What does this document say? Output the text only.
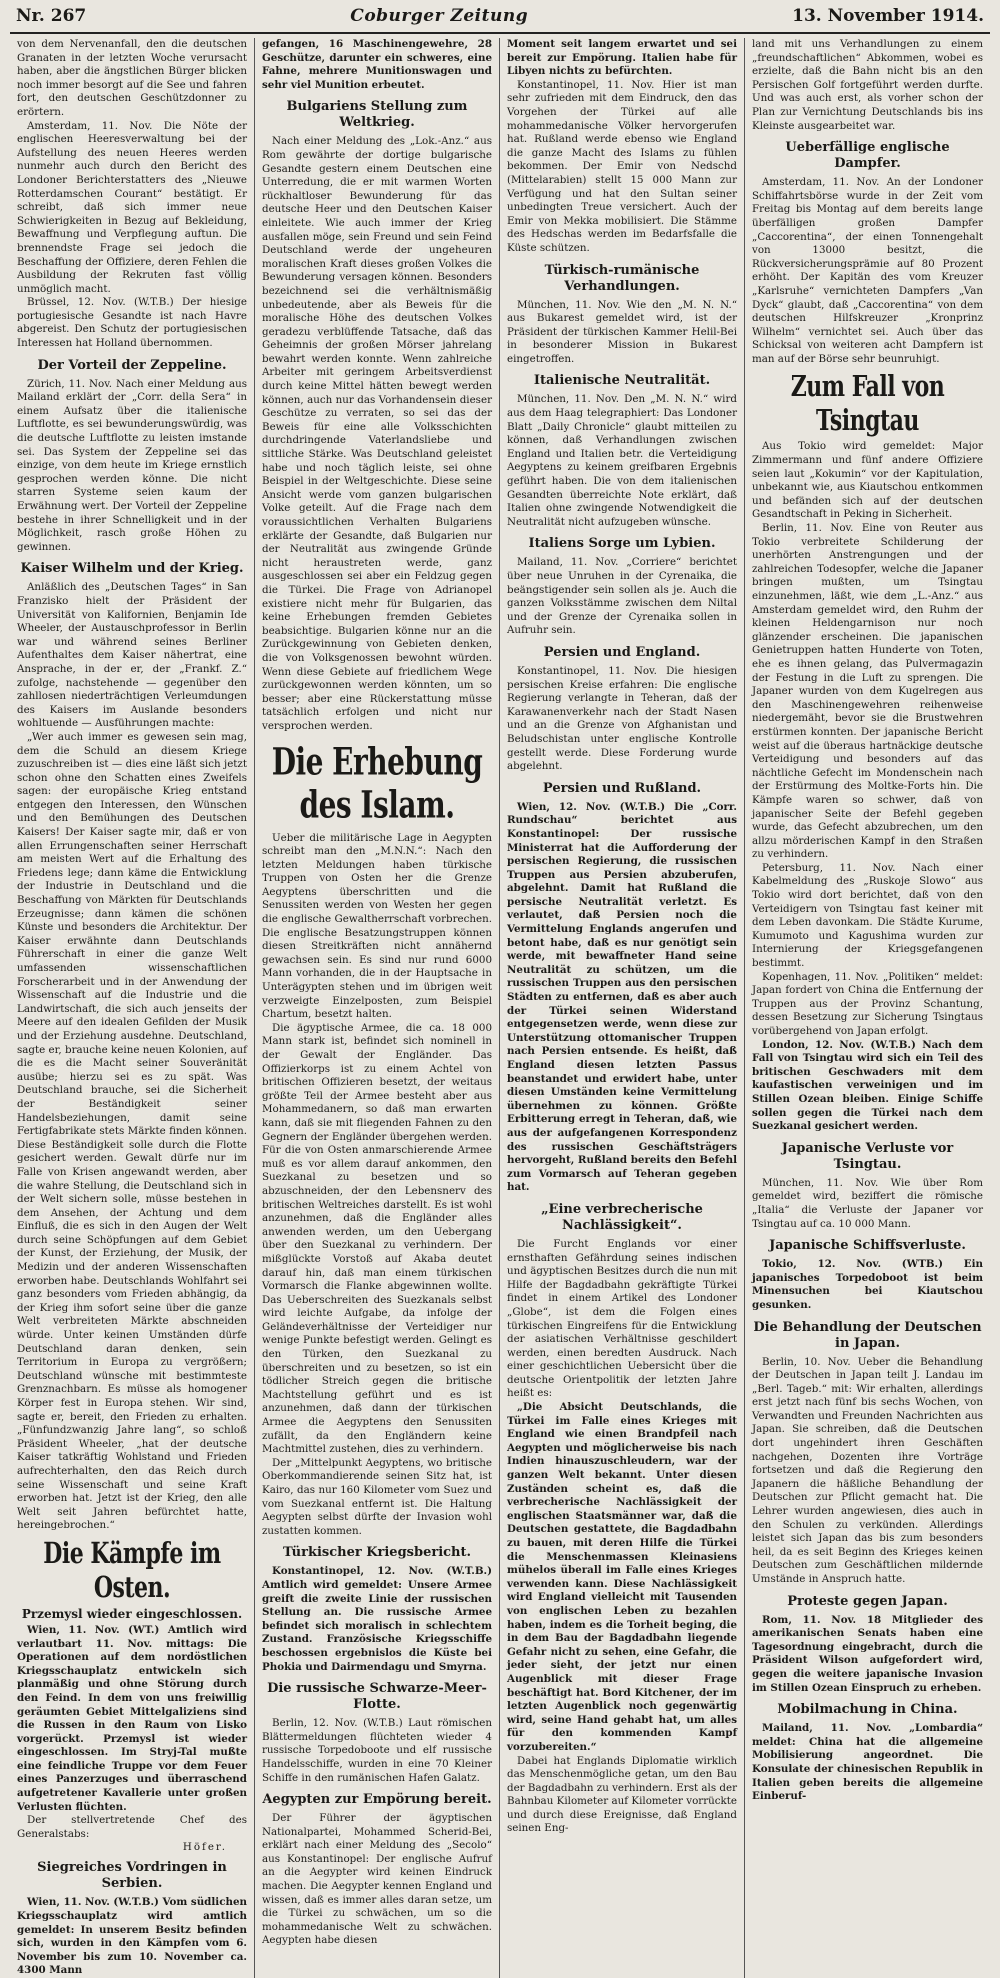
Nr. 267	Coburger Zeitung	13. November 1914.

von dem Nervenanfall, den die deutschen Granaten in der letzten Woche verursacht haben, aber die ängstlichen Bürger blicken noch immer besorgt auf die See und fahren fort, den deutschen Geschützdonner zu erörtern.

Amsterdam, 11. Nov. Die Nöte der englischen Heeresverwaltung bei der Aufstellung des neuen Heeres werden nunmehr auch durch den Bericht des Londoner Berichterstatters des „Nieuwe Rotterdamschen Courant“ bestätigt. Er schreibt, daß sich immer neue Schwierigkeiten in Bezug auf Bekleidung, Bewaffnung und Verpflegung auftun. Die brennendste Frage sei jedoch die Beschaffung der Offiziere, deren Fehlen die Ausbildung der Rekruten fast völlig unmöglich macht.

Brüssel, 12. Nov. (W.T.B.) Der hiesige portugiesische Gesandte ist nach Havre abgereist. Den Schutz der portugiesischen Interessen hat Holland übernommen.

Der Vorteil der Zeppeline.

Zürich, 11. Nov. Nach einer Meldung aus Mailand erklärt der „Corr. della Sera“ in einem Aufsatz über die italienische Luftflotte, es sei bewunderungswürdig, was die deutsche Luftflotte zu leisten imstande sei. Das System der Zeppeline sei das einzige, von dem heute im Kriege ernstlich gesprochen werden könne. Die nicht starren Systeme seien kaum der Erwähnung wert. Der Vorteil der Zeppeline bestehe in ihrer Schnelligkeit und in der Möglichkeit, rasch große Höhen zu gewinnen.

Kaiser Wilhelm und der Krieg.

Anläßlich des „Deutschen Tages“ in San Franzisko hielt der Präsident der Universität von Kalifornien, Benjamin Ide Wheeler, der Austauschprofessor in Berlin war und während seines Berliner Aufenthaltes dem Kaiser nähertrat, eine Ansprache, in der er, der „Frankf. Z.“ zufolge, nachstehende — gegenüber den zahllosen niederträchtigen Verleumdungen des Kaisers im Auslande besonders wohltuende — Ausführungen machte:

„Wer auch immer es gewesen sein mag, dem die Schuld an diesem Kriege zuzuschreiben ist — dies eine läßt sich jetzt schon ohne den Schatten eines Zweifels sagen: der europäische Krieg entstand entgegen den Interessen, den Wünschen und den Bemühungen des Deutschen Kaisers! Der Kaiser sagte mir, daß er von allen Errungenschaften seiner Herrschaft am meisten Wert auf die Erhaltung des Friedens lege; dann käme die Entwicklung der Industrie in Deutschland und die Beschaffung von Märkten für Deutschlands Erzeugnisse; dann kämen die schönen Künste und besonders die Architektur. Der Kaiser erwähnte dann Deutschlands Führerschaft in einer die ganze Welt umfassenden wissenschaftlichen Forscherarbeit und in der Anwendung der Wissenschaft auf die Industrie und die Landwirtschaft, die sich auch jenseits der Meere auf den idealen Gefilden der Musik und der Erziehung ausdehne. Deutschland, sagte er, brauche keine neuen Kolonien, auf die es die Macht seiner Souveränität ausübe; hierzu sei es zu spät. Was Deutschland brauche, sei die Sicherheit der Beständigkeit seiner Handelsbeziehungen, damit seine Fertigfabrikate stets Märkte finden können. Diese Beständigkeit solle durch die Flotte gesichert werden. Gewalt dürfe nur im Falle von Krisen angewandt werden, aber die wahre Stellung, die Deutschland sich in der Welt sichern solle, müsse bestehen in dem Ansehen, der Achtung und dem Einfluß, die es sich in den Augen der Welt durch seine Schöpfungen auf dem Gebiet der Kunst, der Erziehung, der Musik, der Medizin und der anderen Wissenschaften erworben habe. Deutschlands Wohlfahrt sei ganz besonders vom Frieden abhängig, da der Krieg ihm sofort seine über die ganze Welt verbreiteten Märkte abschneiden würde. Unter keinen Umständen dürfe Deutschland daran denken, sein Territorium in Europa zu vergrößern; Deutschland wünsche mit bestimmteste Grenznachbarn. Es müsse als homogener Körper fest in Europa stehen. Wir sind, sagte er, bereit, den Frieden zu erhalten. „Fünfundzwanzig Jahre lang“, so schloß Präsident Wheeler, „hat der deutsche Kaiser tatkräftig Wohlstand und Frieden aufrechterhalten, den das Reich durch seine Wissenschaft und seine Kraft erworben hat. Jetzt ist der Krieg, den alle Welt seit Jahren befürchtet hatte, hereingebrochen.“

Die Kämpfe im Osten.
Przemysl wieder eingeschlossen.

Wien, 11. Nov. (WT.) Amtlich wird verlautbart 11. Nov. mittags: Die Operationen auf dem nordöstlichen Kriegsschauplatz entwickeln sich planmäßig und ohne Störung durch den Feind. In dem von uns freiwillig geräumten Gebiet Mittelgaliziens sind die Russen in den Raum von Lisko vorgerückt. Przemysl ist wieder eingeschlossen. Im Stryj-Tal mußte eine feindliche Truppe vor dem Feuer eines Panzerzuges und überraschend aufgetretener Kavallerie unter großen Verlusten flüchten.

Der stellvertretende Chef des Generalstabs:

Höfer.
Siegreiches Vordringen in Serbien.

Wien, 11. Nov. (W.T.B.) Vom südlichen Kriegsschauplatz wird amtlich gemeldet: In unserem Besitz befinden sich, wurden in den Kämpfen vom 6. November bis zum 10. November ca. 4300 Mann

gefangen, 16 Maschinengewehre, 28 Geschütze, darunter ein schweres, eine Fahne, mehrere Munitionswagen und sehr viel Munition erbeutet.

Bulgariens Stellung zum Weltkrieg.

Nach einer Meldung des „Lok.-Anz.“ aus Rom gewährte der dortige bulgarische Gesandte gestern einem Deutschen eine Unterredung, die er mit warmen Worten rückhaltloser Bewunderung für das deutsche Heer und den Deutschen Kaiser einleitete. Wie auch immer der Krieg ausfallen möge, sein Freund und sein Feind Deutschland werde der ungeheuren moralischen Kraft dieses großen Volkes die Bewunderung versagen können. Besonders bezeichnend sei die verhältnismäßig unbedeutende, aber als Beweis für die moralische Höhe des deutschen Volkes geradezu verblüffende Tatsache, daß das Geheimnis der großen Mörser jahrelang bewahrt werden konnte. Wenn zahlreiche Arbeiter mit geringem Arbeitsverdienst durch keine Mittel hätten bewegt werden können, auch nur das Vorhandensein dieser Geschütze zu verraten, so sei das der Beweis für eine alle Volksschichten durchdringende Vaterlandsliebe und sittliche Stärke. Was Deutschland geleistet habe und noch täglich leiste, sei ohne Beispiel in der Weltgeschichte. Diese seine Ansicht werde vom ganzen bulgarischen Volke geteilt. Auf die Frage nach dem voraussichtlichen Verhalten Bulgariens erklärte der Gesandte, daß Bulgarien nur der Neutralität aus zwingende Gründe nicht heraustreten werde, ganz ausgeschlossen sei aber ein Feldzug gegen die Türkei. Die Frage von Adrianopel existiere nicht mehr für Bulgarien, das keine Erhebungen fremden Gebietes beabsichtige. Bulgarien könne nur an die Zurückgewinnung von Gebieten denken, die von Volksgenossen bewohnt würden. Wenn diese Gebiete auf friedlichem Wege zurückgewonnen werden könnten, um so besser; aber eine Rückerstattung müsse tatsächlich erfolgen und nicht nur versprochen werden.

Die Erhebung des Islam.

Ueber die militärische Lage in Aegypten schreibt man den „M.N.N.“: Nach den letzten Meldungen haben türkische Truppen von Osten her die Grenze Aegyptens überschritten und die Senussiten werden von Westen her gegen die englische Gewaltherrschaft vorbrechen. Die englische Besatzungstruppen können diesen Streitkräften nicht annähernd gewachsen sein. Es sind nur rund 6000 Mann vorhanden, die in der Hauptsache in Unterägypten stehen und im übrigen weit verzweigte Einzelposten, zum Beispiel Chartum, besetzt halten.

Die ägyptische Armee, die ca. 18 000 Mann stark ist, befindet sich nominell in der Gewalt der Engländer. Das Offizierkorps ist zu einem Achtel von britischen Offizieren besetzt, der weitaus größte Teil der Armee besteht aber aus Mohammedanern, so daß man erwarten kann, daß sie mit fliegenden Fahnen zu den Gegnern der Engländer übergehen werden. Für die von Osten anmarschierende Armee muß es vor allem darauf ankommen, den Suezkanal zu besetzen und so abzuschneiden, der den Lebensnerv des britischen Weltreiches darstellt. Es ist wohl anzunehmen, daß die Engländer alles anwenden werden, um den Uebergang über den Suezkanal zu verhindern. Der mißglückte Vorstoß auf Akaba deutet darauf hin, daß man einem türkischen Vormarsch die Flanke abgewinnen wollte. Das Ueberschreiten des Suezkanals selbst wird leichte Aufgabe, da infolge der Geländeverhältnisse der Verteidiger nur wenige Punkte befestigt werden. Gelingt es den Türken, den Suezkanal zu überschreiten und zu besetzen, so ist ein tödlicher Streich gegen die britische Machtstellung geführt und es ist anzunehmen, daß dann der türkischen Armee die Aegyptens den Senussiten zufällt, da den Engländern keine Machtmittel zustehen, dies zu verhindern.

Der „Mittelpunkt Aegyptens, wo britische Oberkommandierende seinen Sitz hat, ist Kairo, das nur 160 Kilometer vom Suez und vom Suezkanal entfernt ist. Die Haltung Aegypten selbst dürfte der Invasion wohl zustatten kommen.

Türkischer Kriegsbericht.

Konstantinopel, 12. Nov. (W.T.B.) Amtlich wird gemeldet: Unsere Armee greift die zweite Linie der russischen Stellung an. Die russische Armee befindet sich moralisch in schlechtem Zustand. Französische Kriegsschiffe beschossen ergebnislos die Küste bei Phokia und Dairmendagu und Smyrna.

Die russische Schwarze-Meer-Flotte.

Berlin, 12. Nov. (W.T.B.) Laut römischen Blättermeldungen flüchteten wieder 4 russische Torpedoboote und elf russische Handelsschiffe, wurden in eine 70 Kleiner Schiffe in den rumänischen Hafen Galatz.

Aegypten zur Empörung bereit.

Der Führer der ägyptischen Nationalpartei, Mohammed Scherid-Bei, erklärt nach einer Meldung des „Secolo“ aus Konstantinopel: Der englische Aufruf an die Aegypter wird keinen Eindruck machen. Die Aegypter kennen England und wissen, daß es immer alles daran setze, um die Türkei zu schwächen, um so die mohammedanische Welt zu schwächen. Aegypten habe diesen

Moment seit langem erwartet und sei bereit zur Empörung. Italien habe für Libyen nichts zu befürchten.

Konstantinopel, 11. Nov. Hier ist man sehr zufrieden mit dem Eindruck, den das Vorgehen der Türkei auf alle mohammedanische Völker hervorgerufen hat. Rußland werde ebenso wie England die ganze Macht des Islams zu fühlen bekommen. Der Emir von Nedschd (Mittelarabien) stellt 15 000 Mann zur Verfügung und hat den Sultan seiner unbedingten Treue versichert. Auch der Emir von Mekka mobilisiert. Die Stämme des Hedschas werden im Bedarfsfalle die Küste schützen.

Türkisch-rumänische Verhandlungen.

München, 11. Nov. Wie den „M. N. N.“ aus Bukarest gemeldet wird, ist der Präsident der türkischen Kammer Helil-Bei in besonderer Mission in Bukarest eingetroffen.

Italienische Neutralität.

München, 11. Nov. Den „M. N. N.“ wird aus dem Haag telegraphiert: Das Londoner Blatt „Daily Chronicle“ glaubt mitteilen zu können, daß Verhandlungen zwischen England und Italien betr. die Verteidigung Aegyptens zu keinem greifbaren Ergebnis geführt haben. Die von dem italienischen Gesandten überreichte Note erklärt, daß Italien ohne zwingende Notwendigkeit die Neutralität nicht aufzugeben wünsche.

Italiens Sorge um Lybien.

Mailand, 11. Nov. „Corriere“ berichtet über neue Unruhen in der Cyrenaika, die beängstigender sein sollen als je. Auch die ganzen Volksstämme zwischen dem Niltal und der Grenze der Cyrenaika sollen in Aufruhr sein.

Persien und England.

Konstantinopel, 11. Nov. Die hiesigen persischen Kreise erfahren: Die englische Regierung verlangte in Teheran, daß der Karawanenverkehr nach der Stadt Nasen und an die Grenze von Afghanistan und Beludschistan unter englische Kontrolle gestellt werde. Diese Forderung wurde abgelehnt.

Persien und Rußland.

Wien, 12. Nov. (W.T.B.) Die „Corr. Rundschau“ berichtet aus Konstantinopel: Der russische Ministerrat hat die Aufforderung der persischen Regierung, die russischen Truppen aus Persien abzuberufen, abgelehnt. Damit hat Rußland die persische Neutralität verletzt. Es verlautet, daß Persien noch die Vermittelung Englands angerufen und betont habe, daß es nur genötigt sein werde, mit bewaffneter Hand seine Neutralität zu schützen, um die russischen Truppen aus den persischen Städten zu entfernen, daß es aber auch der Türkei seinen Widerstand entgegensetzen werde, wenn diese zur Unterstützung ottomanischer Truppen nach Persien entsende. Es heißt, daß England diesen letzten Passus beanstandet und erwidert habe, unter diesen Umständen keine Vermittelung übernehmen zu können. Größte Erbitterung erregt in Teheran, daß, wie aus der aufgefangenen Korrespondenz des russischen Geschäftsträgers hervorgeht, Rußland bereits den Befehl zum Vormarsch auf Teheran gegeben hat.

„Eine verbrecherische Nachlässigkeit“.

Die Furcht Englands vor einer ernsthaften Gefährdung seines indischen und ägyptischen Besitzes durch die nun mit Hilfe der Bagdadbahn gekräftigte Türkei findet in einem Artikel des Londoner „Globe“, ist dem die Folgen eines türkischen Eingreifens für die Entwicklung der asiatischen Verhältnisse geschildert werden, einen beredten Ausdruck. Nach einer geschichtlichen Uebersicht über die deutsche Orientpolitik der letzten Jahre heißt es:

„Die Absicht Deutschlands, die Türkei im Falle eines Krieges mit England wie einen Brandpfeil nach Aegypten und möglicherweise bis nach Indien hinauszuschleudern, war der ganzen Welt bekannt. Unter diesen Zuständen scheint es, daß die verbrecherische Nachlässigkeit der englischen Staatsmänner war, daß die Deutschen gestattete, die Bagdadbahn zu bauen, mit deren Hilfe die Türkei die Menschenmassen Kleinasiens mühelos überall im Falle eines Krieges verwenden kann. Diese Nachlässigkeit wird England vielleicht mit Tausenden von englischen Leben zu bezahlen haben, indem es die Torheit beging, die in dem Bau der Bagdadbahn liegende Gefahr nicht zu sehen, eine Gefahr, die jeder sieht, der jetzt nur einen Augenblick mit dieser Frage beschäftigt hat. Bord Kitchener, der im letzten Augenblick noch gegenwärtig wird, seine Hand gehabt hat, um alles für den kommenden Kampf vorzubereiten.“

Dabei hat Englands Diplomatie wirklich das Menschenmögliche getan, um den Bau der Bagdadbahn zu verhindern. Erst als der Bahnbau Kilometer auf Kilometer vorrückte und durch diese Ereignisse, daß England seinen Eng-

land mit uns Verhandlungen zu einem „freundschaftlichen“ Abkommen, wobei es erzielte, daß die Bahn nicht bis an den Persischen Golf fortgeführt werden durfte. Und was auch erst, als vorher schon der Plan zur Vernichtung Deutschlands bis ins Kleinste ausgearbeitet war.

Ueberfällige englische Dampfer.

Amsterdam, 11. Nov. An der Londoner Schiffahrtsbörse wurde in der Zeit vom Freitag bis Montag auf dem bereits lange überfälligen großen Dampfer „Caccorentina“, der einen Tonnengehalt von 13000 besitzt, die Rückversicherungsprämie auf 80 Prozent erhöht. Der Kapitän des vom Kreuzer „Karlsruhe“ vernichteten Dampfers „Van Dyck“ glaubt, daß „Caccorentina“ von dem deutschen Hilfskreuzer „Kronprinz Wilhelm“ vernichtet sei. Auch über das Schicksal von weiteren acht Dampfern ist man auf der Börse sehr beunruhigt.

Zum Fall von Tsingtau

Aus Tokio wird gemeldet: Major Zimmermann und fünf andere Offiziere seien laut „Kokumin“ vor der Kapitulation, unbekannt wie, aus Kiautschou entkommen und befänden sich auf der deutschen Gesandtschaft in Peking in Sicherheit.

Berlin, 11. Nov. Eine von Reuter aus Tokio verbreitete Schilderung der unerhörten Anstrengungen und der zahlreichen Todesopfer, welche die Japaner bringen mußten, um Tsingtau einzunehmen, läßt, wie dem „L.-Anz.“ aus Amsterdam gemeldet wird, den Ruhm der kleinen Heldengarnison nur noch glänzender erscheinen. Die japanischen Genietruppen hatten Hunderte von Toten, ehe es ihnen gelang, das Pulvermagazin der Festung in die Luft zu sprengen. Die Japaner wurden von dem Kugelregen aus den Maschinengewehren reihenweise niedergemäht, bevor sie die Brustwehren erstürmen konnten. Der japanische Bericht weist auf die überaus hartnäckige deutsche Verteidigung und besonders auf das nächtliche Gefecht im Mondenschein nach der Erstürmung des Moltke-Forts hin. Die Kämpfe waren so schwer, daß von japanischer Seite der Befehl gegeben wurde, das Gefecht abzubrechen, um den allzu mörderischen Kampf in den Straßen zu verhindern.

Petersburg, 11. Nov. Nach einer Kabelmeldung des „Ruskoje Slowo“ aus Tokio wird dort berichtet, daß von den Verteidigern von Tsingtau fast keiner mit dem Leben davonkam. Die Städte Kurume, Kumumoto und Kagushima wurden zur Internierung der Kriegsgefangenen bestimmt.

Kopenhagen, 11. Nov. „Politiken“ meldet: Japan fordert von China die Entfernung der Truppen aus der Provinz Schantung, dessen Besetzung zur Sicherung Tsingtaus vorübergehend von Japan erfolgt.

London, 12. Nov. (W.T.B.) Nach dem Fall von Tsingtau wird sich ein Teil des britischen Geschwaders mit dem kaufastischen verweinigen und im Stillen Ozean bleiben. Einige Schiffe sollen gegen die Türkei nach dem Suezkanal gesichert werden.

Japanische Verluste vor Tsingtau.

München, 11. Nov. Wie über Rom gemeldet wird, beziffert die römische „Italia“ die Verluste der Japaner vor Tsingtau auf ca. 10 000 Mann.

Japanische Schiffsverluste.

Tokio, 12. Nov. (WTB.) Ein japanisches Torpedoboot ist beim Minensuchen bei Kiautschou gesunken.

Die Behandlung der Deutschen in Japan.

Berlin, 10. Nov. Ueber die Behandlung der Deutschen in Japan teilt J. Landau im „Berl. Tageb.“ mit: Wir erhalten, allerdings erst jetzt nach fünf bis sechs Wochen, von Verwandten und Freunden Nachrichten aus Japan. Sie schreiben, daß die Deutschen dort ungehindert ihren Geschäften nachgehen, Dozenten ihre Vorträge fortsetzen und daß die Regierung den Japanern die häßliche Behandlung der Deutschen zur Pflicht gemacht hat. Die Lehrer wurden angewiesen, dies auch in den Schulen zu verkünden. Allerdings leistet sich Japan das bis zum besonders heil, da es seit Beginn des Krieges keinen Deutschen zum Geschäftlichen mildernde Umstände in Anspruch hatte.

Proteste gegen Japan.

Rom, 11. Nov. 18 Mitglieder des amerikanischen Senats haben eine Tagesordnung eingebracht, durch die Präsident Wilson aufgefordert wird, gegen die weitere japanische Invasion im Stillen Ozean Einspruch zu erheben.

Mobilmachung in China.

Mailand, 11. Nov. „Lombardia“ meldet: China hat die allgemeine Mobilisierung angeordnet. Die Konsulate der chinesischen Republik in Italien geben bereits die allgemeine Einberuf-
